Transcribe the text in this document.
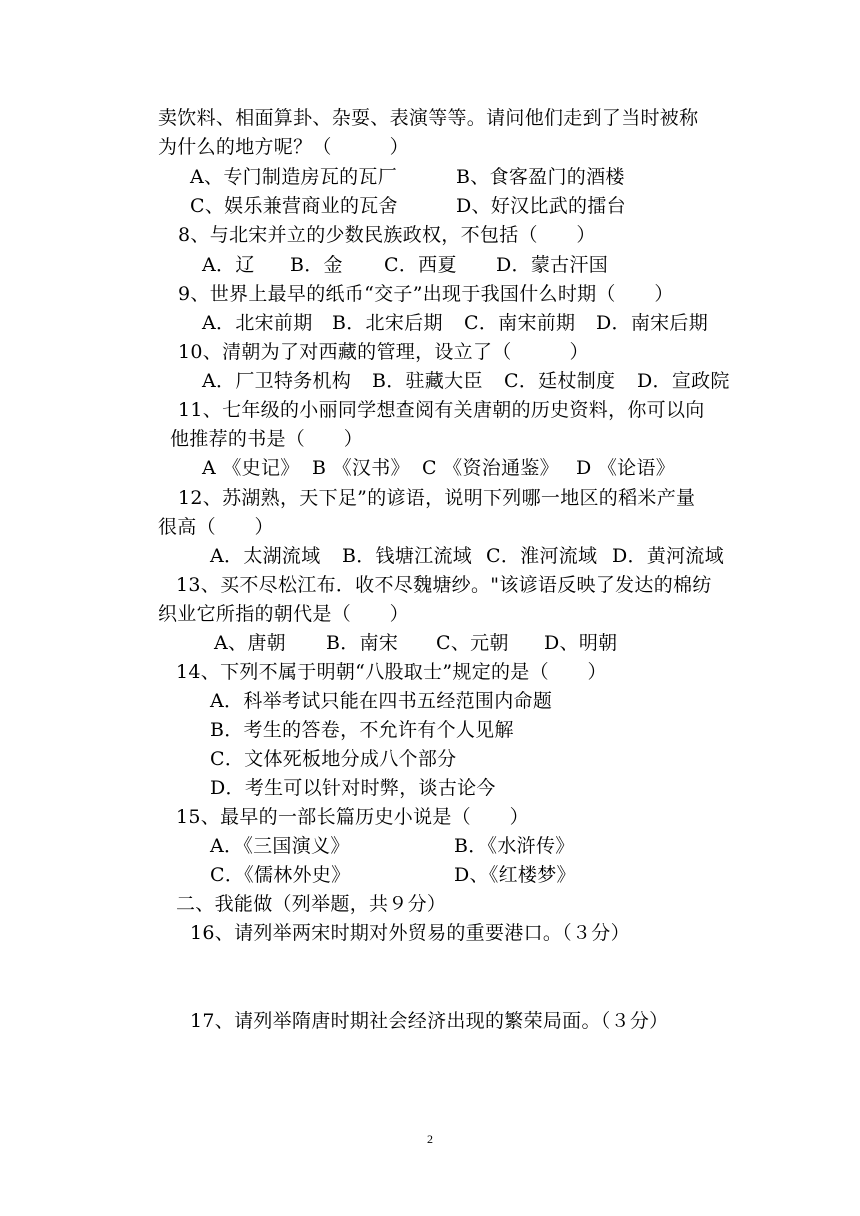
卖饮料、相面算卦、杂耍、表演等等。请问他们走到了当时被称
为什么的地方呢？（　　　）
A、专门制造房瓦的瓦厂	B、食客盈门的酒楼
C、娱乐兼营商业的瓦舍	D、好汉比武的擂台
8、与北宋并立的少数民族政权，不包括（　　）
A．辽 B．金 C．西夏 D．蒙古汗国
9、世界上最早的纸币“交子”出现于我国什么时期（　　）
A．北宋前期 B．北宋后期 C．南宋前期 D．南宋后期
10、清朝为了对西藏的管理，设立了（　　　）
A．厂卫特务机构 B．驻藏大臣 C．廷杖制度 D．宣政院
11、七年级的小丽同学想查阅有关唐朝的历史资料，你可以向
他推荐的书是（　　）
A 《史记》 B 《汉书》 C 《资治通鉴》 D 《论语》
12、苏湖熟，天下足”的谚语，说明下列哪一地区的稻米产量
很高（　　）
A．太湖流域 B．钱塘江流域 C．淮河流域 D．黄河流域
13、买不尽松江布．收不尽魏塘纱。"该谚语反映了发达的棉纺
织业它所指的朝代是（　　）
A、唐朝 B．南宋 C、元朝 D、明朝
14、下列不属于明朝“八股取士”规定的是（　　）
A．科举考试只能在四书五经范围内命题
B．考生的答卷，不允许有个人见解
C．文体死板地分成八个部分
D．考生可以针对时弊，谈古论今
15、最早的一部长篇历史小说是（　　）
A．《三国演义》	B．《水浒传》
C．《儒林外史》	D、《红楼梦》
二、我能做（列举题，共９分）
16、请列举两宋时期对外贸易的重要港口。（３分）
17、请列举隋唐时期社会经济出现的繁荣局面。（３分）
2
